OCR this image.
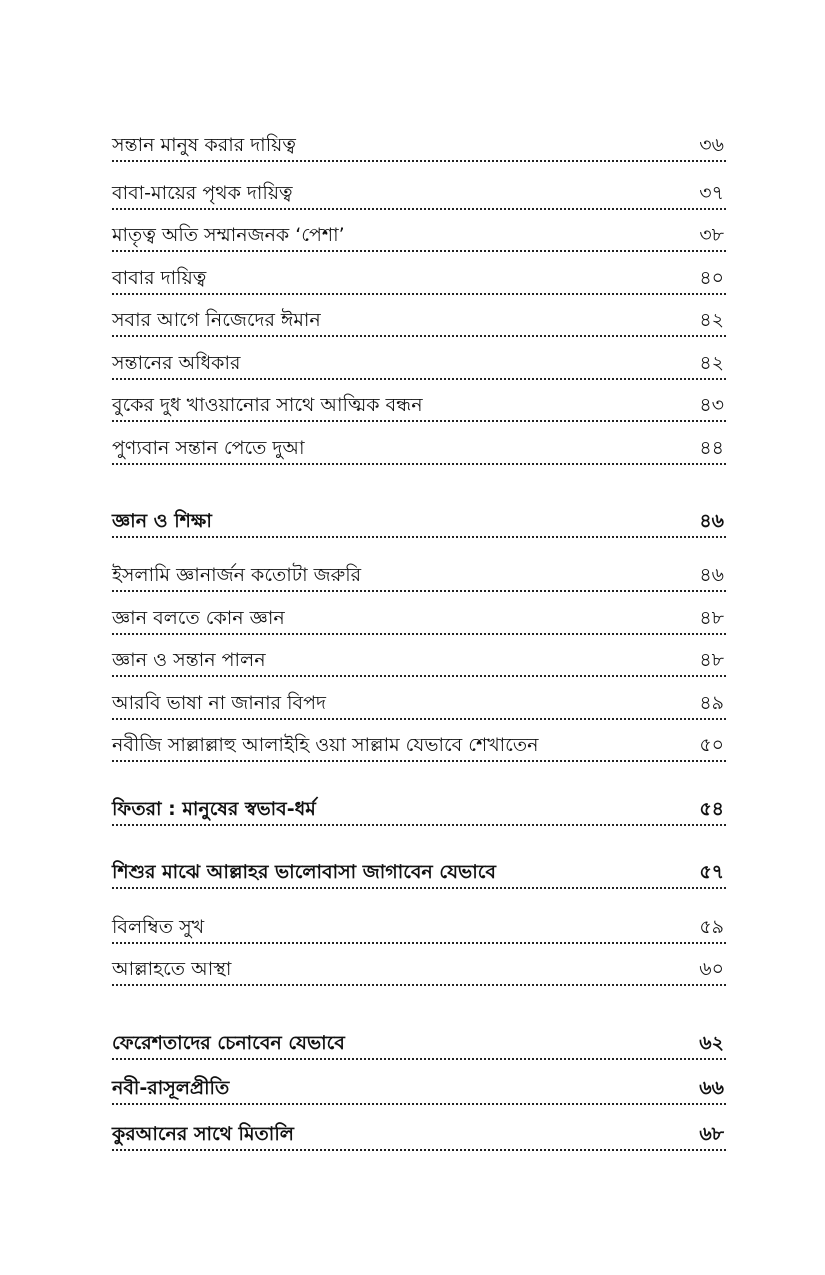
সন্তান মানুষ করার দায়িত্ব	৩৬
বাবা-মায়ের পৃথক দায়িত্ব	৩৭
মাতৃত্ব অতি সম্মানজনক ‘পেশা’	৩৮
বাবার দায়িত্ব	৪০
সবার আগে নিজেদের ঈমান	৪২
সন্তানের অধিকার	৪২
বুকের দুধ খাওয়ানোর সাথে আত্মিক বন্ধন	৪৩
পুণ্যবান সন্তান পেতে দুআ	৪৪
জ্ঞান ও শিক্ষা	৪৬
ইসলামি জ্ঞানার্জন কতোটা জরুরি	৪৬
জ্ঞান বলতে কোন জ্ঞান	৪৮
জ্ঞান ও সন্তান পালন	৪৮
আরবি ভাষা না জানার বিপদ	৪৯
নবীজি সাল্লাল্লাহু আলাইহি ওয়া সাল্লাম যেভাবে শেখাতেন	৫০
ফিতরা : মানুষের স্বভাব-ধর্ম	৫৪
শিশুর মাঝে আল্লাহর ভালোবাসা জাগাবেন যেভাবে	৫৭
বিলম্বিত সুখ	৫৯
আল্লাহতে আস্থা	৬০
ফেরেশতাদের চেনাবেন যেভাবে	৬২
নবী-রাসূলপ্রীতি	৬৬
কুরআনের সাথে মিতালি	৬৮
